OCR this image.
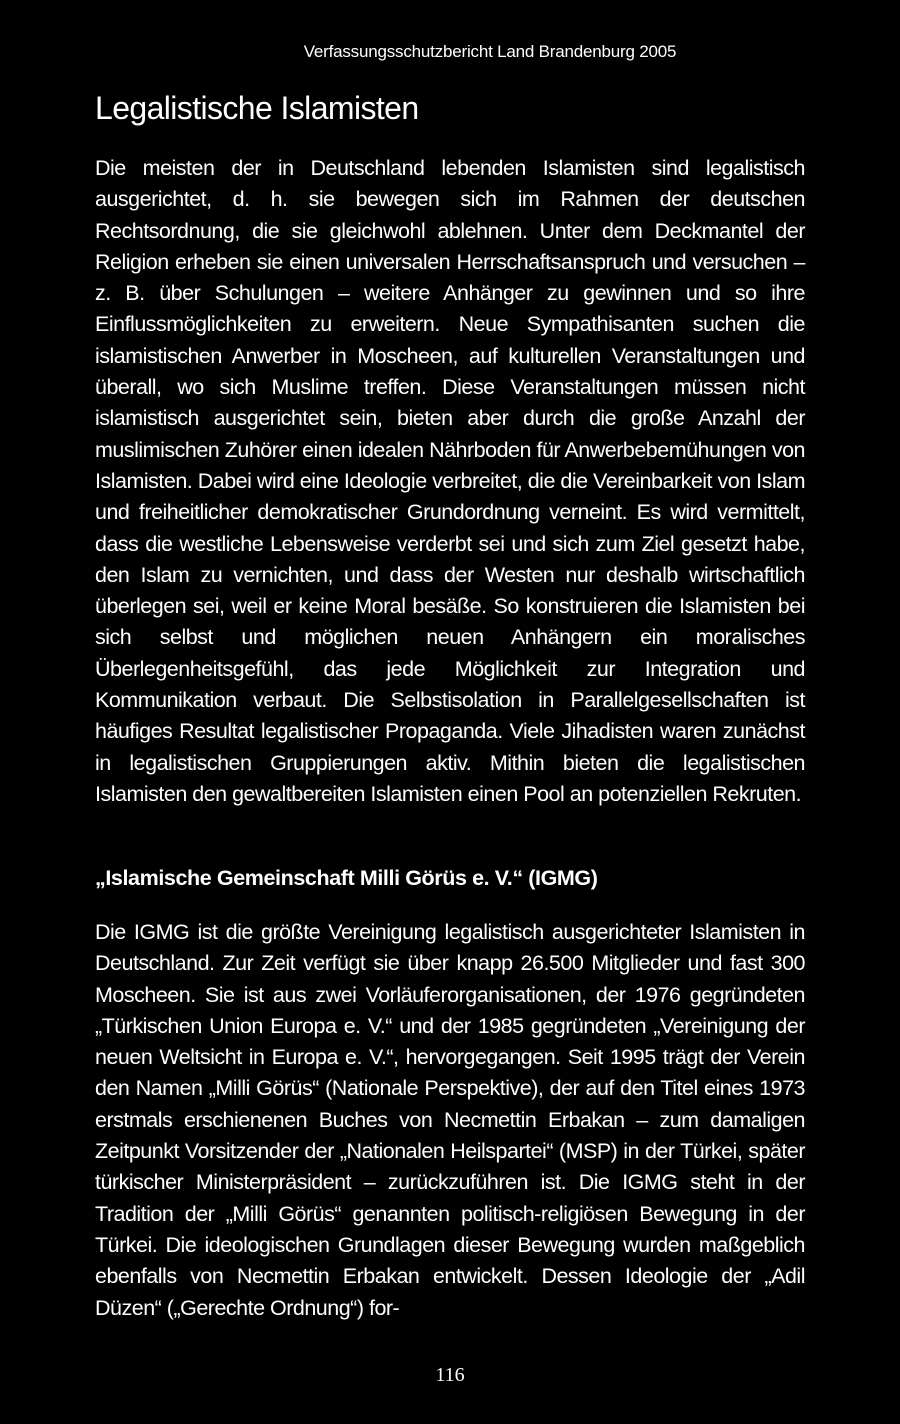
Verfassungsschutzbericht Land Brandenburg 2005
Legalistische Islamisten

Die meisten der in Deutschland lebenden Islamisten sind legalistisch ausgerichtet, d. h. sie bewegen sich im Rahmen der deutschen Rechtsordnung, die sie gleichwohl ablehnen. Unter dem Deckmantel der Religion erheben sie einen universalen Herrschaftsanspruch und versuchen – z. B. über Schulungen – weitere Anhänger zu gewinnen und so ihre Einflussmöglichkeiten zu erweitern. Neue Sympathisanten suchen die islamistischen Anwerber in Moscheen, auf kulturellen Veranstaltungen und überall, wo sich Muslime treffen. Diese Veranstaltungen müssen nicht islamistisch ausgerichtet sein, bieten aber durch die große Anzahl der muslimischen Zuhörer einen idealen Nährboden für Anwerbebemühungen von Islamisten. Dabei wird eine Ideologie verbreitet, die die Vereinbarkeit von Islam und freiheitlicher demokratischer Grundordnung verneint. Es wird vermittelt, dass die westliche Lebensweise verderbt sei und sich zum Ziel gesetzt habe, den Islam zu vernichten, und dass der Westen nur deshalb wirtschaftlich überlegen sei, weil er keine Moral besäße. So konstruieren die Islamisten bei sich selbst und möglichen neuen Anhängern ein moralisches Überlegenheitsgefühl, das jede Möglichkeit zur Integration und Kommunikation verbaut. Die Selbstisolation in Parallelgesellschaften ist häufiges Resultat legalistischer Propaganda. Viele Jihadisten waren zunächst in legalistischen Gruppierungen aktiv. Mithin bieten die legalistischen Islamisten den gewaltbereiten Islamisten einen Pool an potenziellen Rekruten.

„Islamische Gemeinschaft Milli Görüs e. V.“ (IGMG)

Die IGMG ist die größte Vereinigung legalistisch ausgerichteter Islamisten in Deutschland. Zur Zeit verfügt sie über knapp 26.500 Mitglieder und fast 300 Moscheen. Sie ist aus zwei Vorläuferorganisationen, der 1976 gegründeten „Türkischen Union Europa e. V.“ und der 1985 gegründeten „Vereinigung der neuen Weltsicht in Europa e. V.“, hervorgegangen. Seit 1995 trägt der Verein den Namen „Milli Görüs“ (Nationale Perspektive), der auf den Titel eines 1973 erstmals erschienenen Buches von Necmettin Erbakan – zum damaligen Zeitpunkt Vorsitzender der „Nationalen Heilspartei“ (MSP) in der Türkei, später türkischer Ministerpräsident – zurückzuführen ist. Die IGMG steht in der Tradition der „Milli Görüs“ genannten politisch-religiösen Bewegung in der Türkei. Die ideologischen Grundlagen dieser Bewegung wurden maßgeblich ebenfalls von Necmettin Erbakan entwickelt. Dessen Ideologie der „Adil Düzen“ („Gerechte Ordnung“) for-

116
